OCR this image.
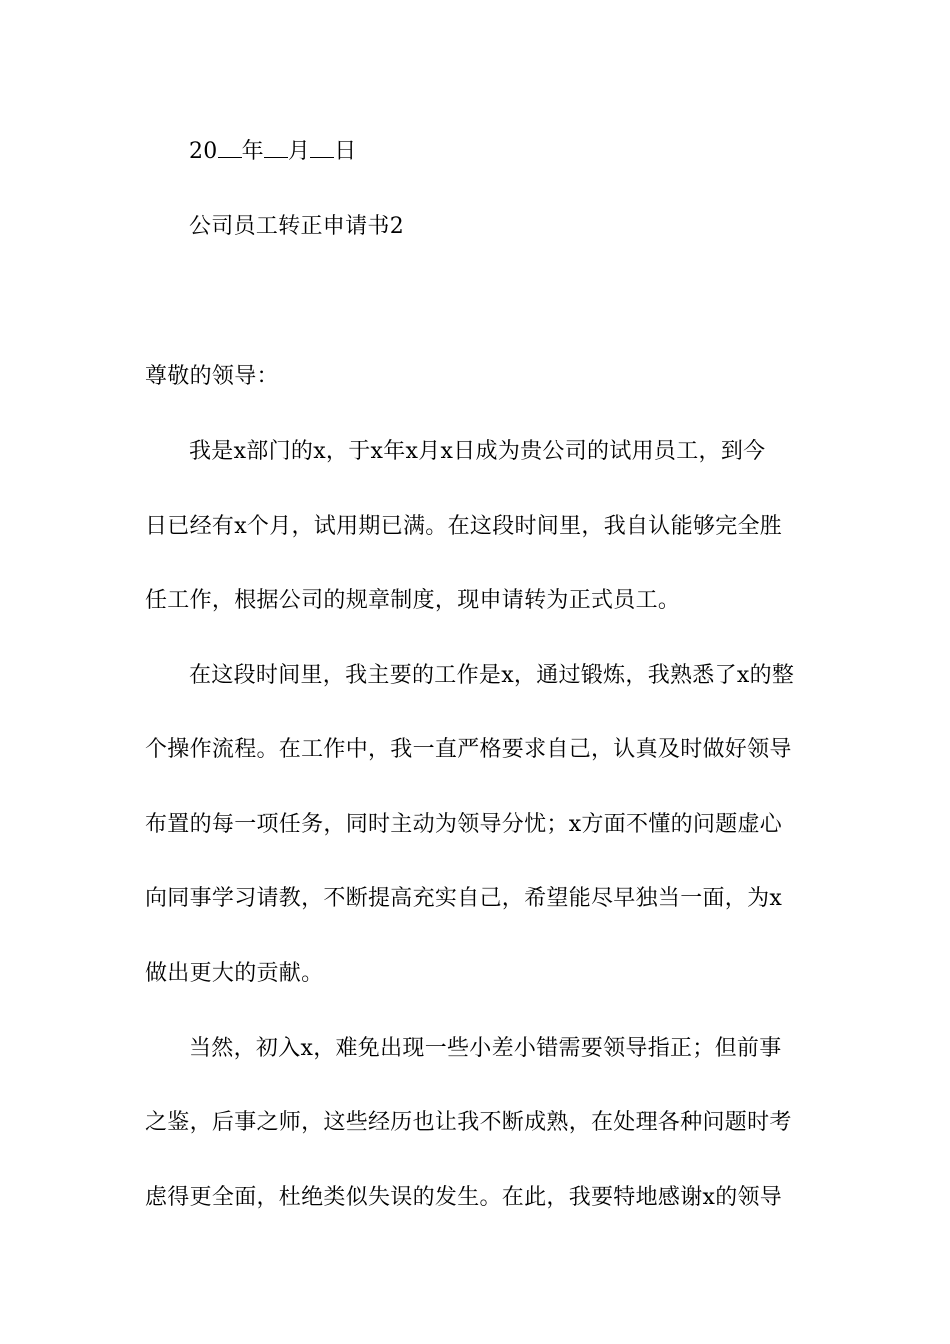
20 年 月 日
公司员工转正申请书2
尊敬的领导：
我是x部门的x，于x年x月x日成为贵公司的试用员工，到今
日已经有x个月，试用期已满。在这段时间里，我自认能够完全胜
任工作，根据公司的规章制度，现申请转为正式员工。
在这段时间里，我主要的工作是x，通过锻炼，我熟悉了x的整
个操作流程。在工作中，我一直严格要求自己，认真及时做好领导
布置的每一项任务，同时主动为领导分忧；x方面不懂的问题虚心
向同事学习请教，不断提高充实自己，希望能尽早独当一面，为x
做出更大的贡献。
当然，初入x，难免出现一些小差小错需要领导指正；但前事
之鉴，后事之师，这些经历也让我不断成熟，在处理各种问题时考
虑得更全面，杜绝类似失误的发生。在此，我要特地感谢x的领导
